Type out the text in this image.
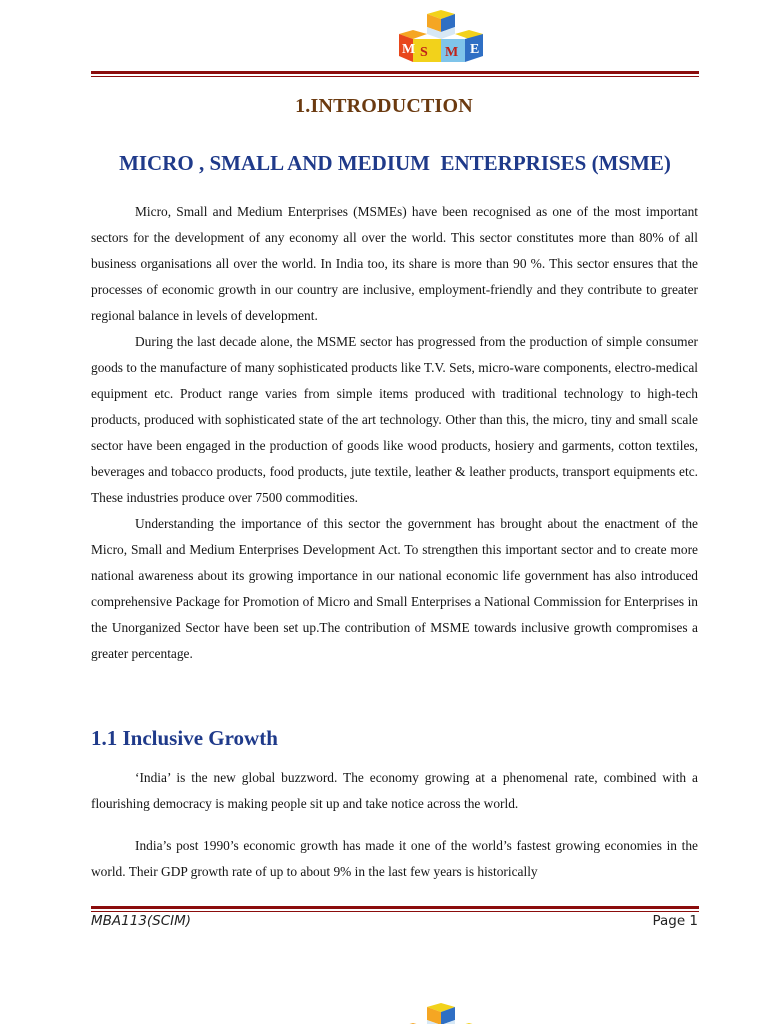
M S M E
1.INTRODUCTION
MICRO , SMALL AND MEDIUM  ENTERPRISES (MSME)

Micro, Small and Medium Enterprises (MSMEs) have been recognised as one of the most important sectors for the development of any economy all over the world. This sector constitutes more than 80% of all business organisations all over the world. In India too, its share is more than 90 %. This sector ensures that the processes of economic growth in our country are inclusive, employment-friendly and they contribute to greater regional balance in levels of development.

During the last decade alone, the MSME sector has progressed from the production of simple consumer goods to the manufacture of many sophisticated products like T.V. Sets, micro-ware components, electro-medical equipment etc. Product range varies from simple items produced with traditional technology to high-tech products, produced with sophisticated state of the art technology. Other than this, the micro, tiny and small scale sector have been engaged in the production of goods like wood products, hosiery and garments, cotton textiles, beverages and tobacco products, food products, jute textile, leather & leather products, transport equipments etc. These industries produce over 7500 commodities.

Understanding the importance of this sector the government has brought about the enactment of the Micro, Small and Medium Enterprises Development Act. To strengthen this important sector and to create more national awareness about its growing importance in our national economic life government has also introduced comprehensive Package for Promotion of Micro and Small Enterprises a National Commission for Enterprises in the Unorganized Sector have been set up.The contribution of MSME towards inclusive growth compromises a greater percentage.

1.1 Inclusive Growth

‘India’ is the new global buzzword. The economy growing at a phenomenal rate, combined with a flourishing democracy is making people sit up and take notice across the world.

India’s post 1990’s economic growth has made it one of the world’s fastest growing economies in the world. Their GDP growth rate of up to about 9% in the last few years is historically

MBA113(SCIM)	Page 1
